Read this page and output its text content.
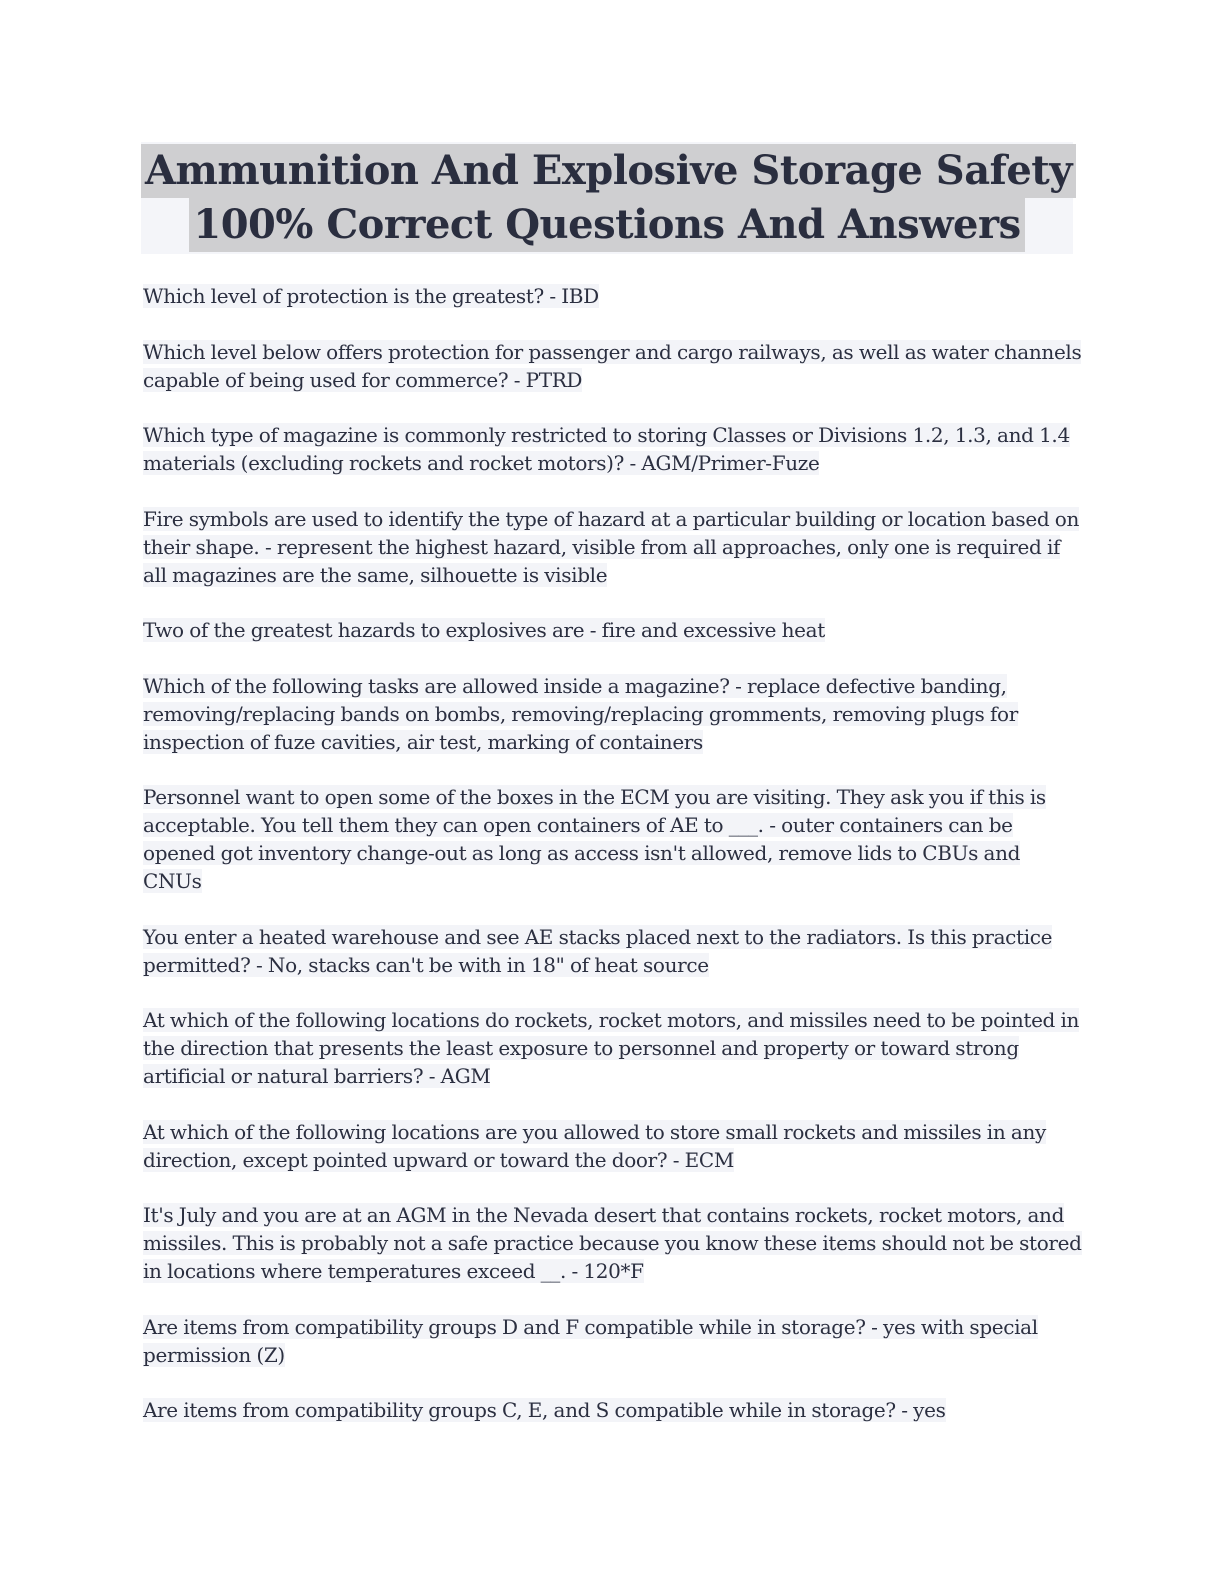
Ammunition And Explosive Storage Safety
100% Correct Questions And Answers

Which level of protection is the greatest? - IBD

Which level below offers protection for passenger and cargo railways, as well as water channels capable of being used for commerce? - PTRD

Which type of magazine is commonly restricted to storing Classes or Divisions 1.2, 1.3, and 1.4 materials (excluding rockets and rocket motors)? - AGM/Primer-Fuze

Fire symbols are used to identify the type of hazard at a particular building or location based on their shape. - represent the highest hazard, visible from all approaches, only one is required if all magazines are the same, silhouette is visible

Two of the greatest hazards to explosives are - fire and excessive heat

Which of the following tasks are allowed inside a magazine? - replace defective banding, removing/replacing bands on bombs, removing/replacing gromments, removing plugs for inspection of fuze cavities, air test, marking of containers

Personnel want to open some of the boxes in the ECM you are visiting. They ask you if this is acceptable. You tell them they can open containers of AE to ___. - outer containers can be opened got inventory change-out as long as access isn't allowed, remove lids to CBUs and CNUs

You enter a heated warehouse and see AE stacks placed next to the radiators. Is this practice permitted? - No, stacks can't be with in 18" of heat source

At which of the following locations do rockets, rocket motors, and missiles need to be pointed in the direction that presents the least exposure to personnel and property or toward strong artificial or natural barriers? - AGM

At which of the following locations are you allowed to store small rockets and missiles in any direction, except pointed upward or toward the door? - ECM

It's July and you are at an AGM in the Nevada desert that contains rockets, rocket motors, and missiles. This is probably not a safe practice because you know these items should not be stored in locations where temperatures exceed __. - 120*F

Are items from compatibility groups D and F compatible while in storage? - yes with special permission (Z)

Are items from compatibility groups C, E, and S compatible while in storage? - yes
